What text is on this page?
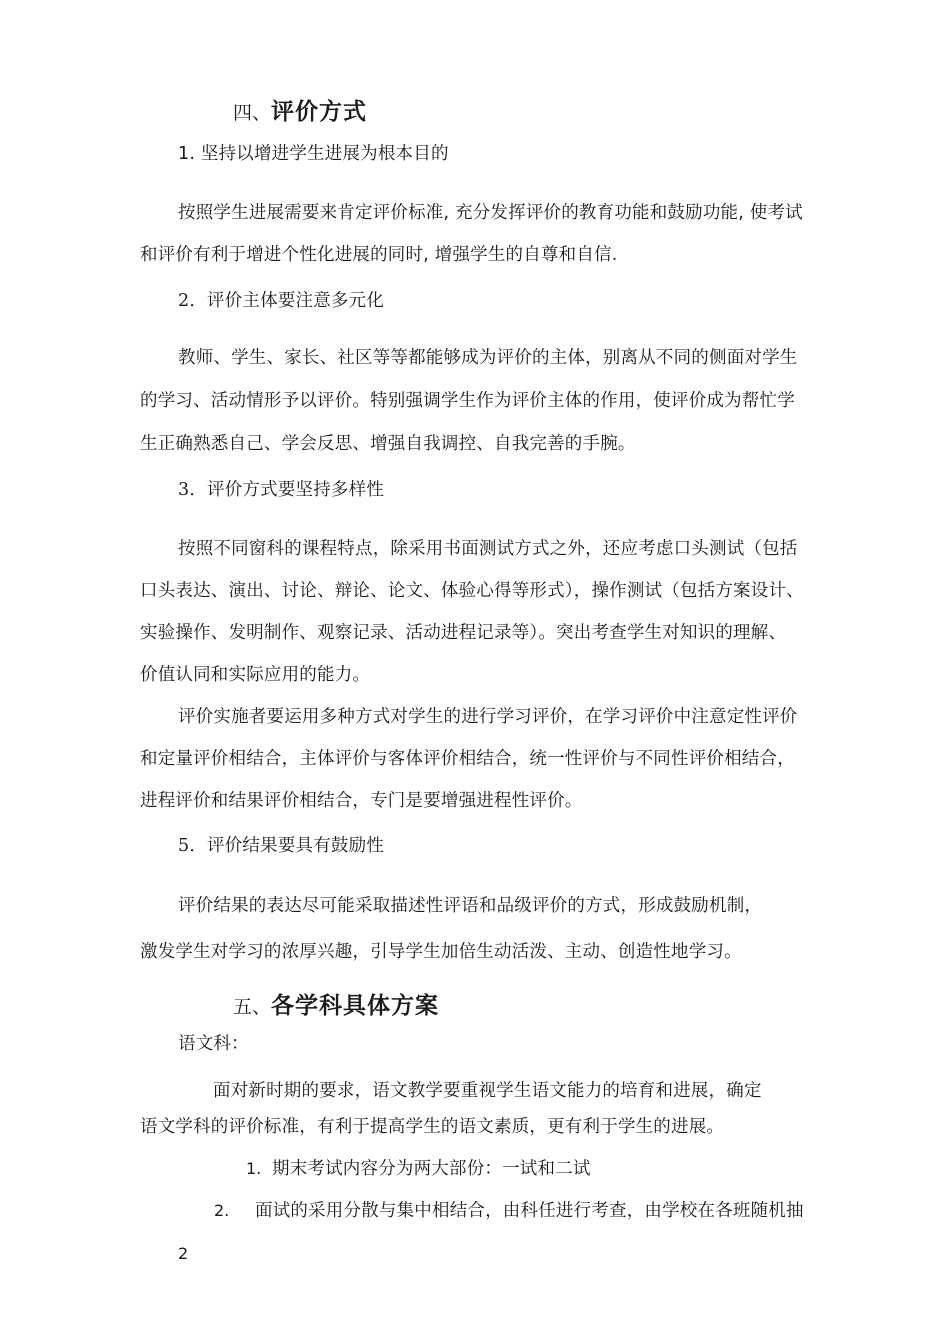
四、评价方式
1. 坚持以增进学生进展为根本目的
按照学生进展需要来肯定评价标准, 充分发挥评价的教育功能和鼓励功能, 使考试
和评价有利于增进个性化进展的同时, 增强学生的自尊和自信.
2．评价主体要注意多元化
教师、学生、家长、社区等等都能够成为评价的主体，别离从不同的侧面对学生
的学习、活动情形予以评价。特别强调学生作为评价主体的作用，使评价成为帮忙学
生正确熟悉自己、学会反思、增强自我调控、自我完善的手腕。
3．评价方式要坚持多样性
按照不同窗科的课程特点，除采用书面测试方式之外，还应考虑口头测试（包括
口头表达、演出、讨论、辩论、论文、体验心得等形式），操作测试（包括方案设计、
实验操作、发明制作、观察记录、活动进程记录等）。突出考查学生对知识的理解、
价值认同和实际应用的能力。
评价实施者要运用多种方式对学生的进行学习评价，在学习评价中注意定性评价
和定量评价相结合，主体评价与客体评价相结合，统一性评价与不同性评价相结合，
进程评价和结果评价相结合，专门是要增强进程性评价。
5．评价结果要具有鼓励性
评价结果的表达尽可能采取描述性评语和品级评价的方式，形成鼓励机制，
激发学生对学习的浓厚兴趣，引导学生加倍生动活泼、主动、创造性地学习。
五、各学科具体方案
语文科：
面对新时期的要求，语文教学要重视学生语文能力的培育和进展，确定
语文学科的评价标准，有利于提高学生的语文素质，更有利于学生的进展。
1. 期末考试内容分为两大部份：一试和二试
2. 面试的采用分散与集中相结合，由科任进行考查，由学校在各班随机抽
2
